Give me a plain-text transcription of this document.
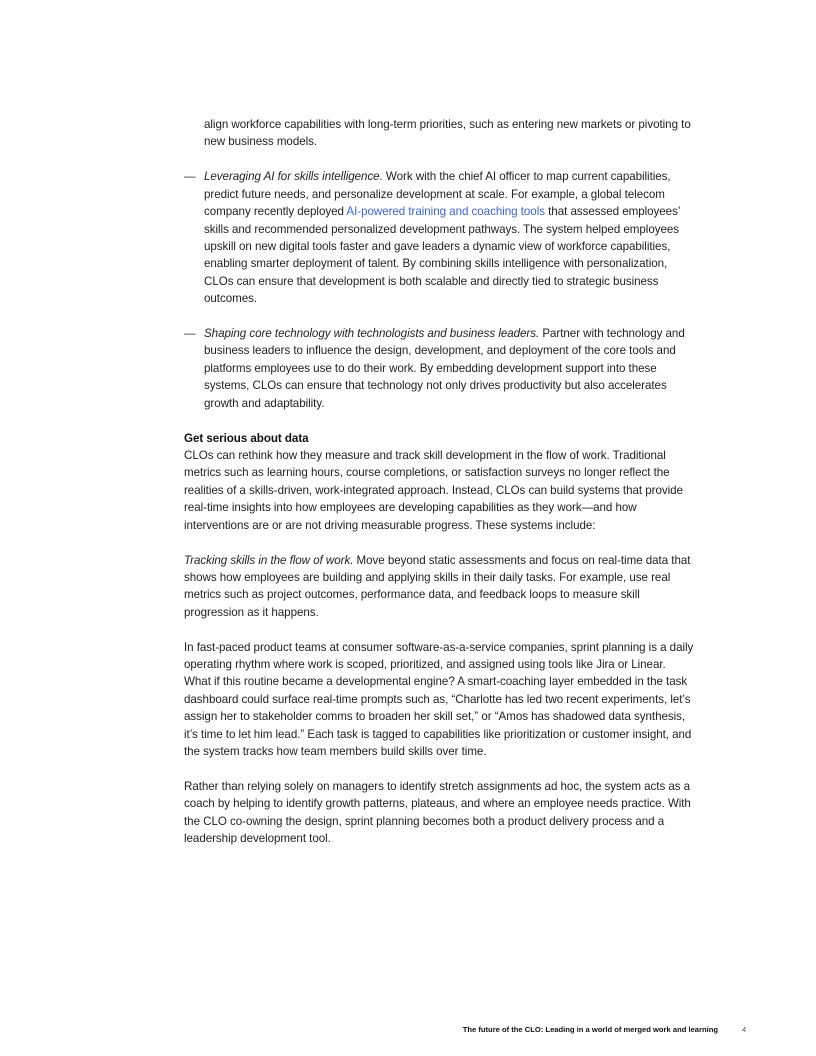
align workforce capabilities with long-term priorities, such as entering new markets or pivoting to new business models.
— Leveraging AI for skills intelligence. Work with the chief AI officer to map current capabilities, predict future needs, and personalize development at scale. For example, a global telecom company recently deployed AI-powered training and coaching tools that assessed employees’ skills and recommended personalized development pathways. The system helped employees upskill on new digital tools faster and gave leaders a dynamic view of workforce capabilities, enabling smarter deployment of talent. By combining skills intelligence with personalization, CLOs can ensure that development is both scalable and directly tied to strategic business outcomes.
— Shaping core technology with technologists and business leaders. Partner with technology and business leaders to influence the design, development, and deployment of the core tools and platforms employees use to do their work. By embedding development support into these systems, CLOs can ensure that technology not only drives productivity but also accelerates growth and adaptability.
Get serious about data

CLOs can rethink how they measure and track skill development in the flow of work. Traditional metrics such as learning hours, course completions, or satisfaction surveys no longer reflect the realities of a skills-driven, work-integrated approach. Instead, CLOs can build systems that provide real-time insights into how employees are developing capabilities as they work—and how interventions are or are not driving measurable progress. These systems include:

Tracking skills in the flow of work. Move beyond static assessments and focus on real-time data that shows how employees are building and applying skills in their daily tasks. For example, use real metrics such as project outcomes, performance data, and feedback loops to measure skill progression as it happens.

In fast-paced product teams at consumer software-as-a-service companies, sprint planning is a daily operating rhythm where work is scoped, prioritized, and assigned using tools like Jira or Linear. What if this routine became a developmental engine? A smart-coaching layer embedded in the task dashboard could surface real-time prompts such as, “Charlotte has led two recent experiments, let’s assign her to stakeholder comms to broaden her skill set,” or “Amos has shadowed data synthesis, it’s time to let him lead.” Each task is tagged to capabilities like prioritization or customer insight, and the system tracks how team members build skills over time.

Rather than relying solely on managers to identify stretch assignments ad hoc, the system acts as a coach by helping to identify growth patterns, plateaus, and where an employee needs practice. With the CLO co-owning the design, sprint planning becomes both a product delivery process and a leadership development tool.

The future of the CLO: Leading in a world of merged work and learning	4
